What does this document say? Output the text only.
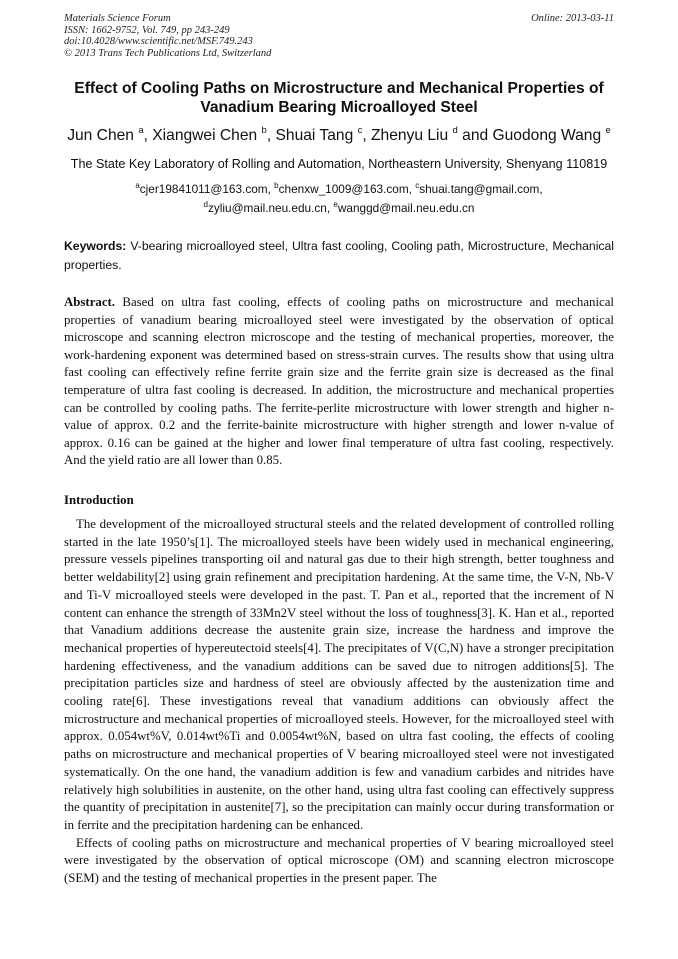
Materials Science Forum
ISSN: 1662-9752, Vol. 749, pp 243-249
doi:10.4028/www.scientific.net/MSF.749.243
© 2013 Trans Tech Publications Ltd, Switzerland
Online: 2013-03-11
Effect of Cooling Paths on Microstructure and Mechanical Properties of Vanadium Bearing Microalloyed Steel
Jun Chen $^a$, Xiangwei Chen $^b$, Shuai Tang $^c$, Zhenyu Liu $^d$ and Guodong Wang $^e$
The State Key Laboratory of Rolling and Automation, Northeastern University, Shenyang 110819
$^a$cjer19841011@163.com, $^b$chenxw_1009@163.com, $^c$shuai.tang@gmail.com,
$^d$zyliu@mail.neu.edu.cn, $^e$wanggd@mail.neu.edu.cn
Keywords: V-bearing microalloyed steel, Ultra fast cooling, Cooling path, Microstructure, Mechanical properties.
Abstract. Based on ultra fast cooling, effects of cooling paths on microstructure and mechanical properties of vanadium bearing microalloyed steel were investigated by the observation of optical microscope and scanning electron microscope and the testing of mechanical properties, moreover, the work-hardening exponent was determined based on stress-strain curves. The results show that using ultra fast cooling can effectively refine ferrite grain size and the ferrite grain size is decreased as the final temperature of ultra fast cooling is decreased. In addition, the microstructure and mechanical properties can be controlled by cooling paths. The ferrite-perlite microstructure with lower strength and higher n-value of approx. 0.2 and the ferrite-bainite microstructure with higher strength and lower n-value of approx. 0.16 can be gained at the higher and lower final temperature of ultra fast cooling, respectively. And the yield ratio are all lower than 0.85.
Introduction

The development of the microalloyed structural steels and the related development of controlled rolling started in the late 1950’s[1]. The microalloyed steels have been widely used in mechanical engineering, pressure vessels pipelines transporting oil and natural gas due to their high strength, better toughness and better weldability[2] using grain refinement and precipitation hardening. At the same time, the V-N, Nb-V and Ti-V microalloyed steels were developed in the past. T. Pan et al., reported that the increment of N content can enhance the strength of 33Mn2V steel without the loss of toughness[3]. K. Han et al., reported that Vanadium additions decrease the austenite grain size, increase the hardness and improve the mechanical properties of hypereutectoid steels[4]. The precipitates of V(C,N) have a stronger precipitation hardening effectiveness, and the vanadium additions can be saved due to nitrogen additions[5]. The precipitation particles size and hardness of steel are obviously affected by the austenization time and cooling rate[6]. These investigations reveal that vanadium additions can obviously affect the microstructure and mechanical properties of microalloyed steels. However, for the microalloyed steel with approx. 0.054wt%V, 0.014wt%Ti and 0.0054wt%N, based on ultra fast cooling, the effects of cooling paths on microstructure and mechanical properties of V bearing microalloyed steel were not investigated systematically. On the one hand, the vanadium addition is few and vanadium carbides and nitrides have relatively high solubilities in austenite, on the other hand, using ultra fast cooling can effectively suppress the quantity of precipitation in austenite[7], so the precipitation can mainly occur during transformation or in ferrite and the precipitation hardening can be enhanced.

Effects of cooling paths on microstructure and mechanical properties of V bearing microalloyed steel were investigated by the observation of optical microscope (OM) and scanning electron microscope (SEM) and the testing of mechanical properties in the present paper. The
